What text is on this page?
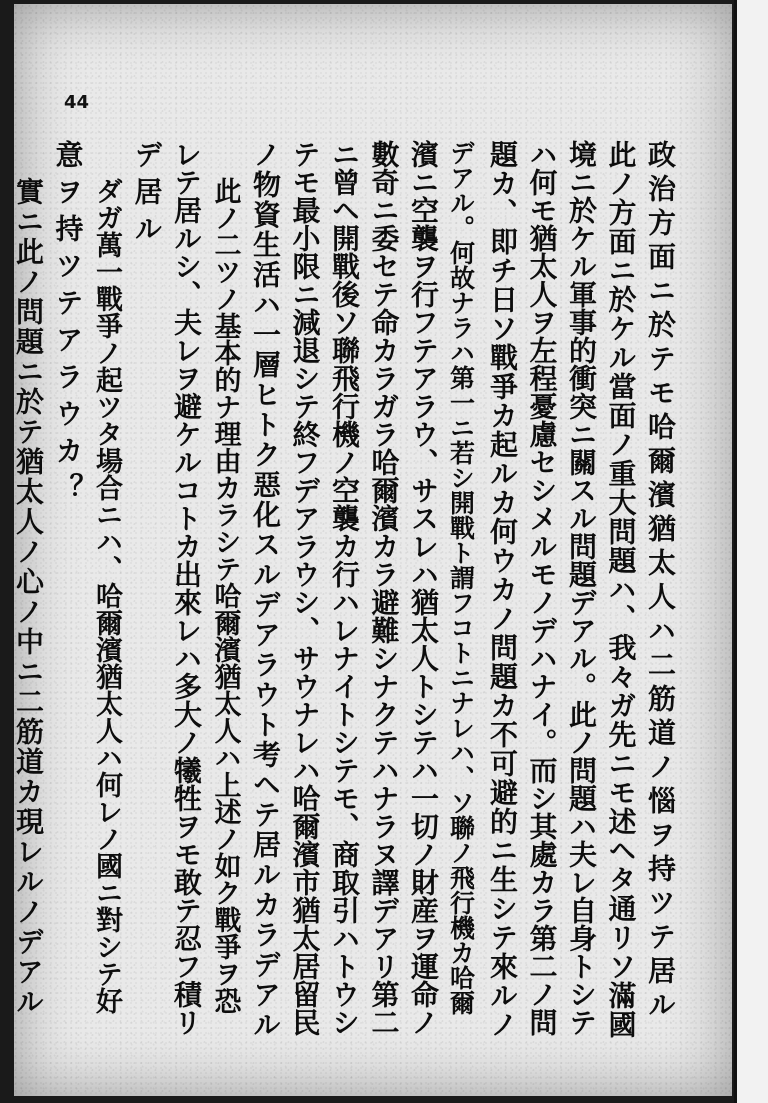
44
政治方面ニ於テモ哈爾濱猶太人ハ二筋道ノ惱ヲ持ツテ居ル
此ノ方面ニ於ケル當面ノ重大問題ハ、我々ガ先ニモ述ヘタ通リソ滿國
境ニ於ケル軍事的衝突ニ關スル問題デアル。此ノ問題ハ夫レ自身トシテ
ハ何モ猶太人ヲ左程憂慮セシメルモノデハナイ。而シ其處カラ第二ノ問
題カ、即チ日ソ戰爭カ起ルカ何ウカノ問題カ不可避的ニ生シテ來ルノ
デアル。何故ナラハ第一ニ若シ開戰ト謂フコトニナレハ、ソ聯ノ飛行機カ哈爾
濱ニ空襲ヲ行フテアラウ、サスレハ猶太人トシテハ一切ノ財産ヲ運命ノ
數奇ニ委セテ命カラガラ哈爾濱カラ避難シナクテハナラヌ譯デアリ第二
ニ曾ヘ開戰後ソ聯飛行機ノ空襲カ行ハレナイトシテモ、商取引ハトウシ
テモ最小限ニ減退シテ終フデアラウシ、サウナレハ哈爾濱市猶太居留民
ノ物資生活ハ一層ヒトク惡化スルデアラウト考ヘテ居ルカラデアル
此ノ二ツノ基本的ナ理由カラシテ哈爾濱猶太人ハ上述ノ如ク戰爭ヲ恐
レテ居ルシ、夫レヲ避ケルコトカ出來レハ多大ノ犧牲ヲモ敢テ忍フ積リ
デ居ル
ダガ萬一戰爭ノ起ツタ場合ニハ、哈爾濱猶太人ハ何レノ國ニ對シテ好
意ヲ持ツテアラウカ？
實ニ此ノ問題ニ於テ猶太人ノ心ノ中ニ二筋道カ現レルノデアル
